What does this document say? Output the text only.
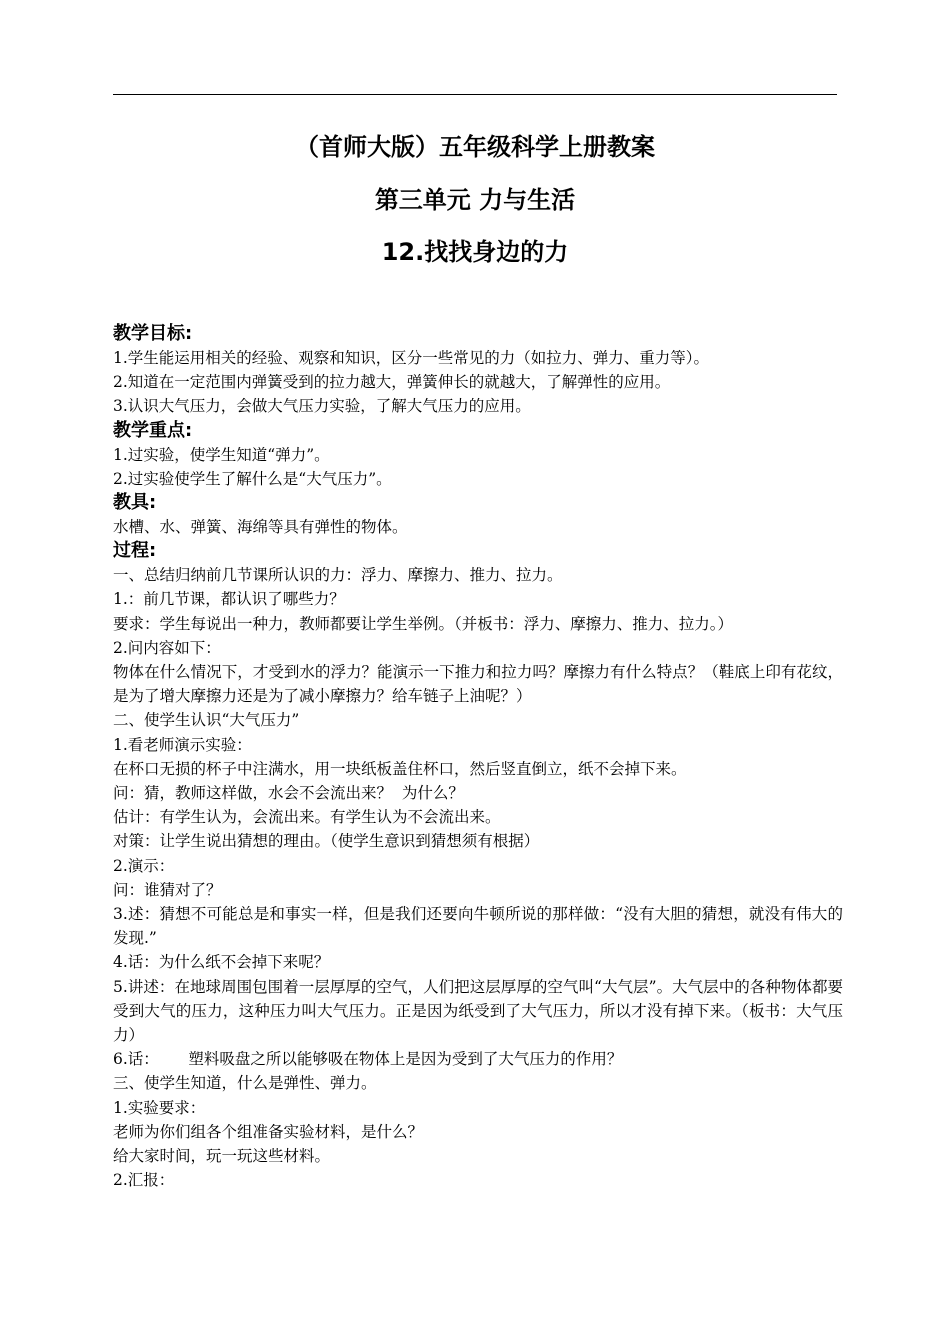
（首师大版）五年级科学上册教案

第三单元 力与生活

12.找找身边的力

教学目标:

1.学生能运用相关的经验、观察和知识，区分一些常见的力（如拉力、弹力、重力等）。

2.知道在一定范围内弹簧受到的拉力越大，弹簧伸长的就越大，了解弹性的应用。

3.认识大气压力，会做大气压力实验，了解大气压力的应用。

教学重点:

1.过实验，使学生知道“弹力”。

2.过实验使学生了解什么是“大气压力”。

教具:

水槽、水、弹簧、海绵等具有弹性的物体。

过程:

一、总结归纳前几节课所认识的力：浮力、摩擦力、推力、拉力。

1.：前几节课，都认识了哪些力？

要求：学生每说出一种力，教师都要让学生举例。（并板书：浮力、摩擦力、推力、拉力。）

2.问内容如下：

物体在什么情况下，才受到水的浮力？能演示一下推力和拉力吗？摩擦力有什么特点？（鞋底上印有花纹，是为了增大摩擦力还是为了减小摩擦力？给车链子上油呢？）

二、使学生认识“大气压力”

1.看老师演示实验：

在杯口无损的杯子中注满水，用一块纸板盖住杯口，然后竖直倒立，纸不会掉下来。

问：猜，教师这样做，水会不会流出来？  为什么？

估计：有学生认为，会流出来。有学生认为不会流出来。

对策：让学生说出猜想的理由。（使学生意识到猜想须有根据）

2.演示：

问：谁猜对了？

3.述：猜想不可能总是和事实一样，但是我们还要向牛顿所说的那样做：“没有大胆的猜想，就没有伟大的发现.”

4.话：为什么纸不会掉下来呢？

5.讲述：在地球周围包围着一层厚厚的空气，人们把这层厚厚的空气叫“大气层”。大气层中的各种物体都要受到大气的压力，这种压力叫大气压力。正是因为纸受到了大气压力，所以才没有掉下来。（板书：大气压力）

6.话：      塑料吸盘之所以能够吸在物体上是因为受到了大气压力的作用？

三、使学生知道，什么是弹性、弹力。

1.实验要求：

老师为你们组各个组准备实验材料，是什么？

给大家时间，玩一玩这些材料。

2.汇报：
